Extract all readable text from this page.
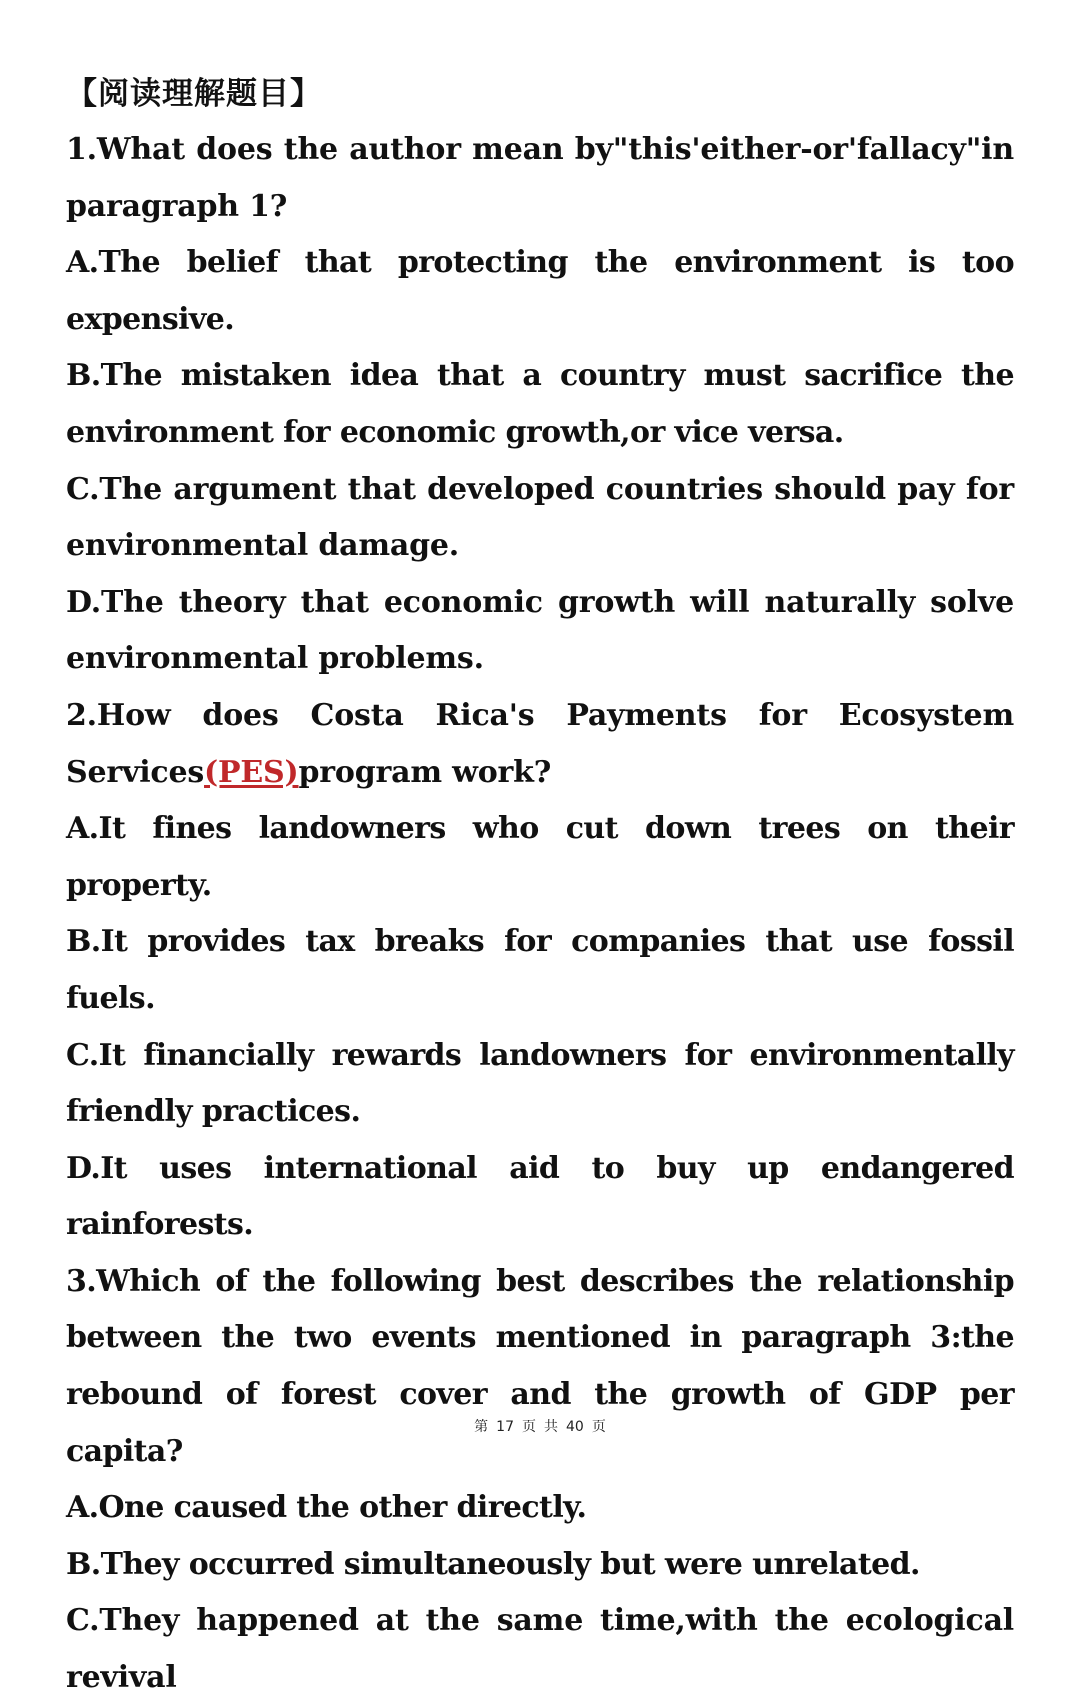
【阅读理解题目】

1.What does the author mean by"this'either-or'fallacy"in paragraph 1?

A.The belief that protecting the environment is too expensive.

B.The mistaken idea that a country must sacrifice the environment for economic growth,or vice versa.

C.The argument that developed countries should pay for environmental damage.

D.The theory that economic growth will naturally solve environmental problems.

2.How does Costa Rica's Payments for Ecosystem Services(PES)program work?

A.It fines landowners who cut down trees on their property.

B.It provides tax breaks for companies that use fossil fuels.

C.It financially rewards landowners for environmentally friendly practices.

D.It uses international aid to buy up endangered rainforests.

3.Which of the following best describes the relationship between the two events mentioned in paragraph 3:the rebound of forest cover and the growth of GDP per capita?

A.One caused the other directly.

B.They occurred simultaneously but were unrelated.

C.They happened at the same time,with the ecological revival

第 17 页 共 40 页
